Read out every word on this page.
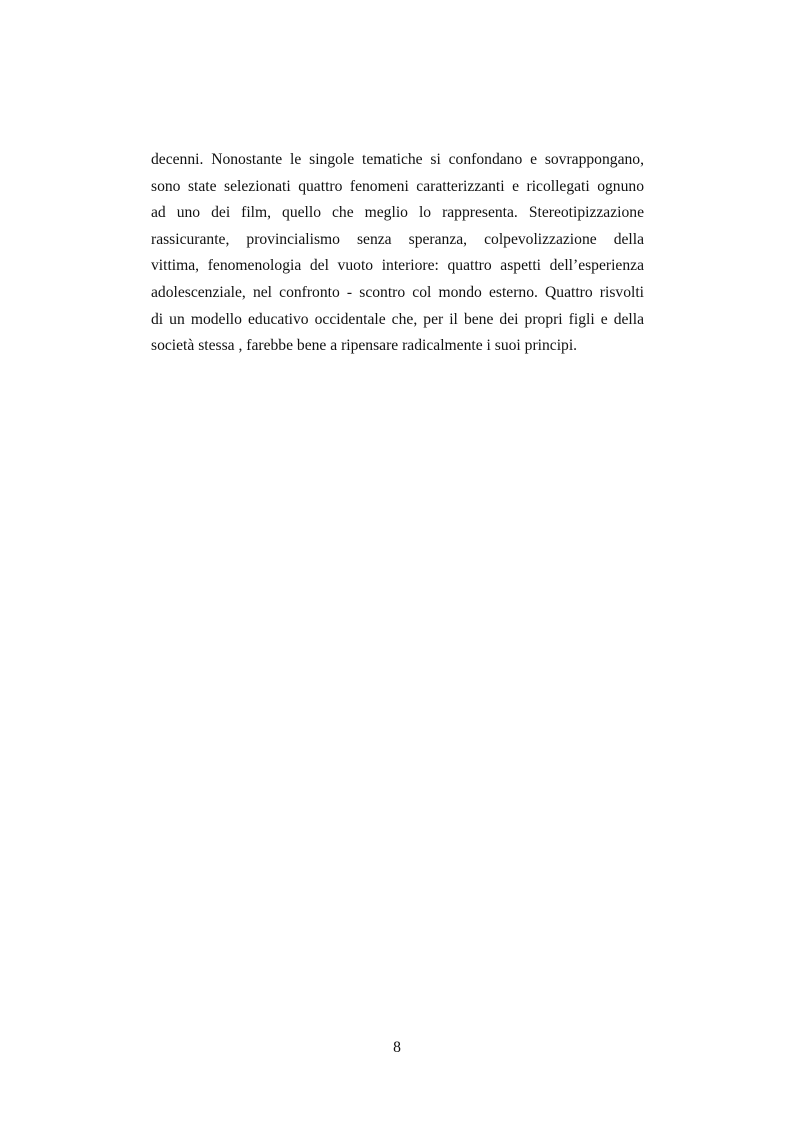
decenni. Nonostante le singole tematiche si confondano e sovrappongano,
sono state selezionati quattro fenomeni caratterizzanti e ricollegati ognuno
ad uno dei film, quello che meglio lo rappresenta. Stereotipizzazione
rassicurante, provincialismo senza speranza, colpevolizzazione della
vittima, fenomenologia del vuoto interiore: quattro aspetti dell’esperienza
adolescenziale, nel confronto - scontro col mondo esterno. Quattro risvolti
di un modello educativo occidentale che, per il bene dei propri figli e della
società stessa , farebbe bene a ripensare radicalmente i suoi principi.

8
